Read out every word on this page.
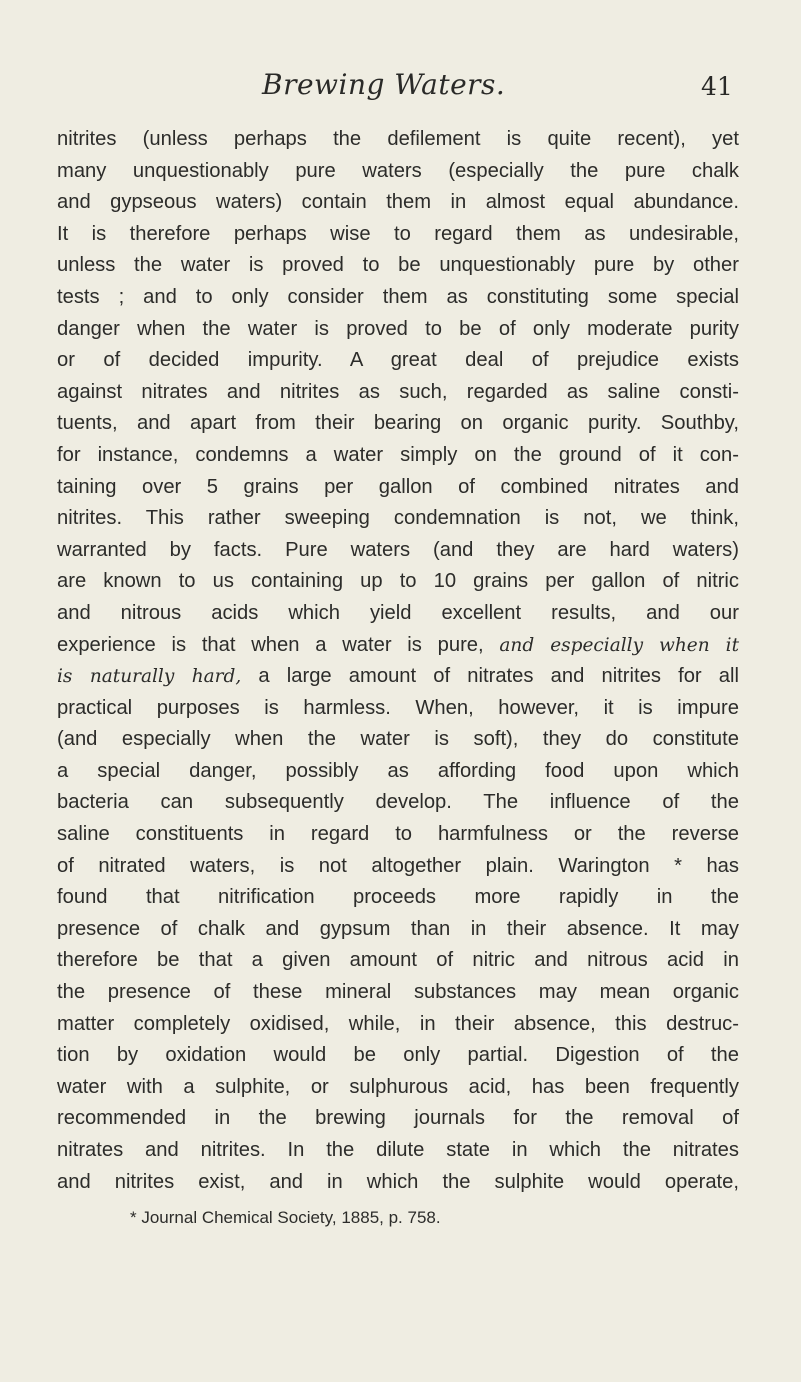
Brewing Waters.	41
nitrites (unless perhaps the defilement is quite recent), yet
many unquestionably pure waters (especially the pure chalk
and gypseous waters) contain them in almost equal abundance.
It is therefore perhaps wise to regard them as undesirable,
unless the water is proved to be unquestionably pure by other
tests ; and to only consider them as constituting some special
danger when the water is proved to be of only moderate purity
or of decided impurity. A great deal of prejudice exists
against nitrates and nitrites as such, regarded as saline consti-
tuents, and apart from their bearing on organic purity. Southby,
for instance, condemns a water simply on the ground of it con-
taining over 5 grains per gallon of combined nitrates and
nitrites. This rather sweeping condemnation is not, we think,
warranted by facts. Pure waters (and they are hard waters)
are known to us containing up to 10 grains per gallon of nitric
and nitrous acids which yield excellent results, and our
experience is that when a water is pure, and especially when it
is naturally hard, a large amount of nitrates and nitrites for all
practical purposes is harmless. When, however, it is impure
(and especially when the water is soft), they do constitute
a special danger, possibly as affording food upon which
bacteria can subsequently develop. The influence of the
saline constituents in regard to harmfulness or the reverse
of nitrated waters, is not altogether plain. Warington * has
found that nitrification proceeds more rapidly in the
presence of chalk and gypsum than in their absence. It may
therefore be that a given amount of nitric and nitrous acid in
the presence of these mineral substances may mean organic
matter completely oxidised, while, in their absence, this destruc-
tion by oxidation would be only partial. Digestion of the
water with a sulphite, or sulphurous acid, has been frequently
recommended in the brewing journals for the removal of
nitrates and nitrites. In the dilute state in which the nitrates
and nitrites exist, and in which the sulphite would operate,
* Journal Chemical Society, 1885, p. 758.
